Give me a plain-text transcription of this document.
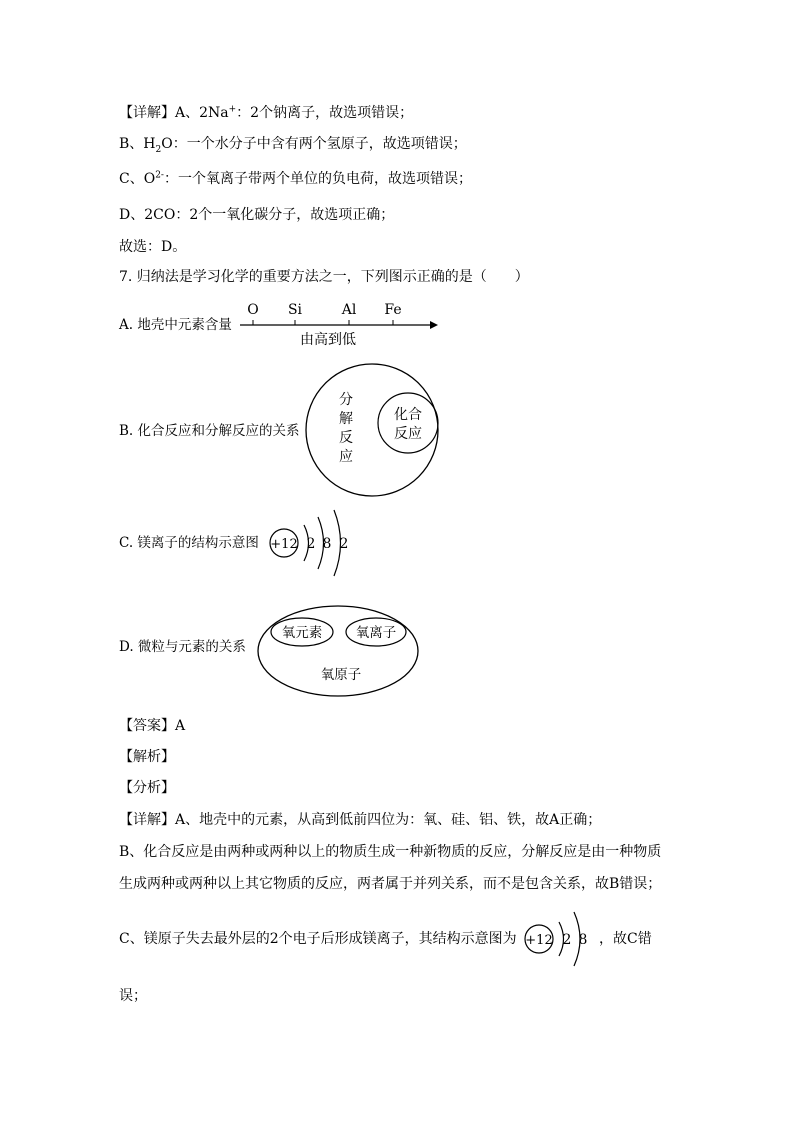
【详解】A、2Na+：2个钠离子，故选项错误；
B、$H_2O$：一个水分子中含有两个氢原子，故选项错误；
C、$O^{2-}$：一个氧离子带两个单位的负电荷，故选项错误；
D、2CO：2个一氧化碳分子，故选项正确；
故选：D。
7. 归纳法是学习化学的重要方法之一，下列图示正确的是（　　）
A. 地壳中元素含量
O Si	Al Fe
由高到低
B. 化合反应和分解反应的关系
分
解
反
应
化合
反应
C. 镁离子的结构示意图 +12 2 8 2
D. 微粒与元素的关系
氧元素 氧离子
氧原子
【答案】A
【解析】
【分析】
【详解】A、地壳中的元素，从高到低前四位为：氧、硅、铝、铁，故A正确；
B、化合反应是由两种或两种以上的物质生成一种新物质的反应，分解反应是由一种物质
生成两种或两种以上其它物质的反应，两者属于并列关系，而不是包含关系，故B错误；
C、镁原子失去最外层的2个电子后形成镁离子，其结构示意图为 +12 2 8 ，故C错
误；
